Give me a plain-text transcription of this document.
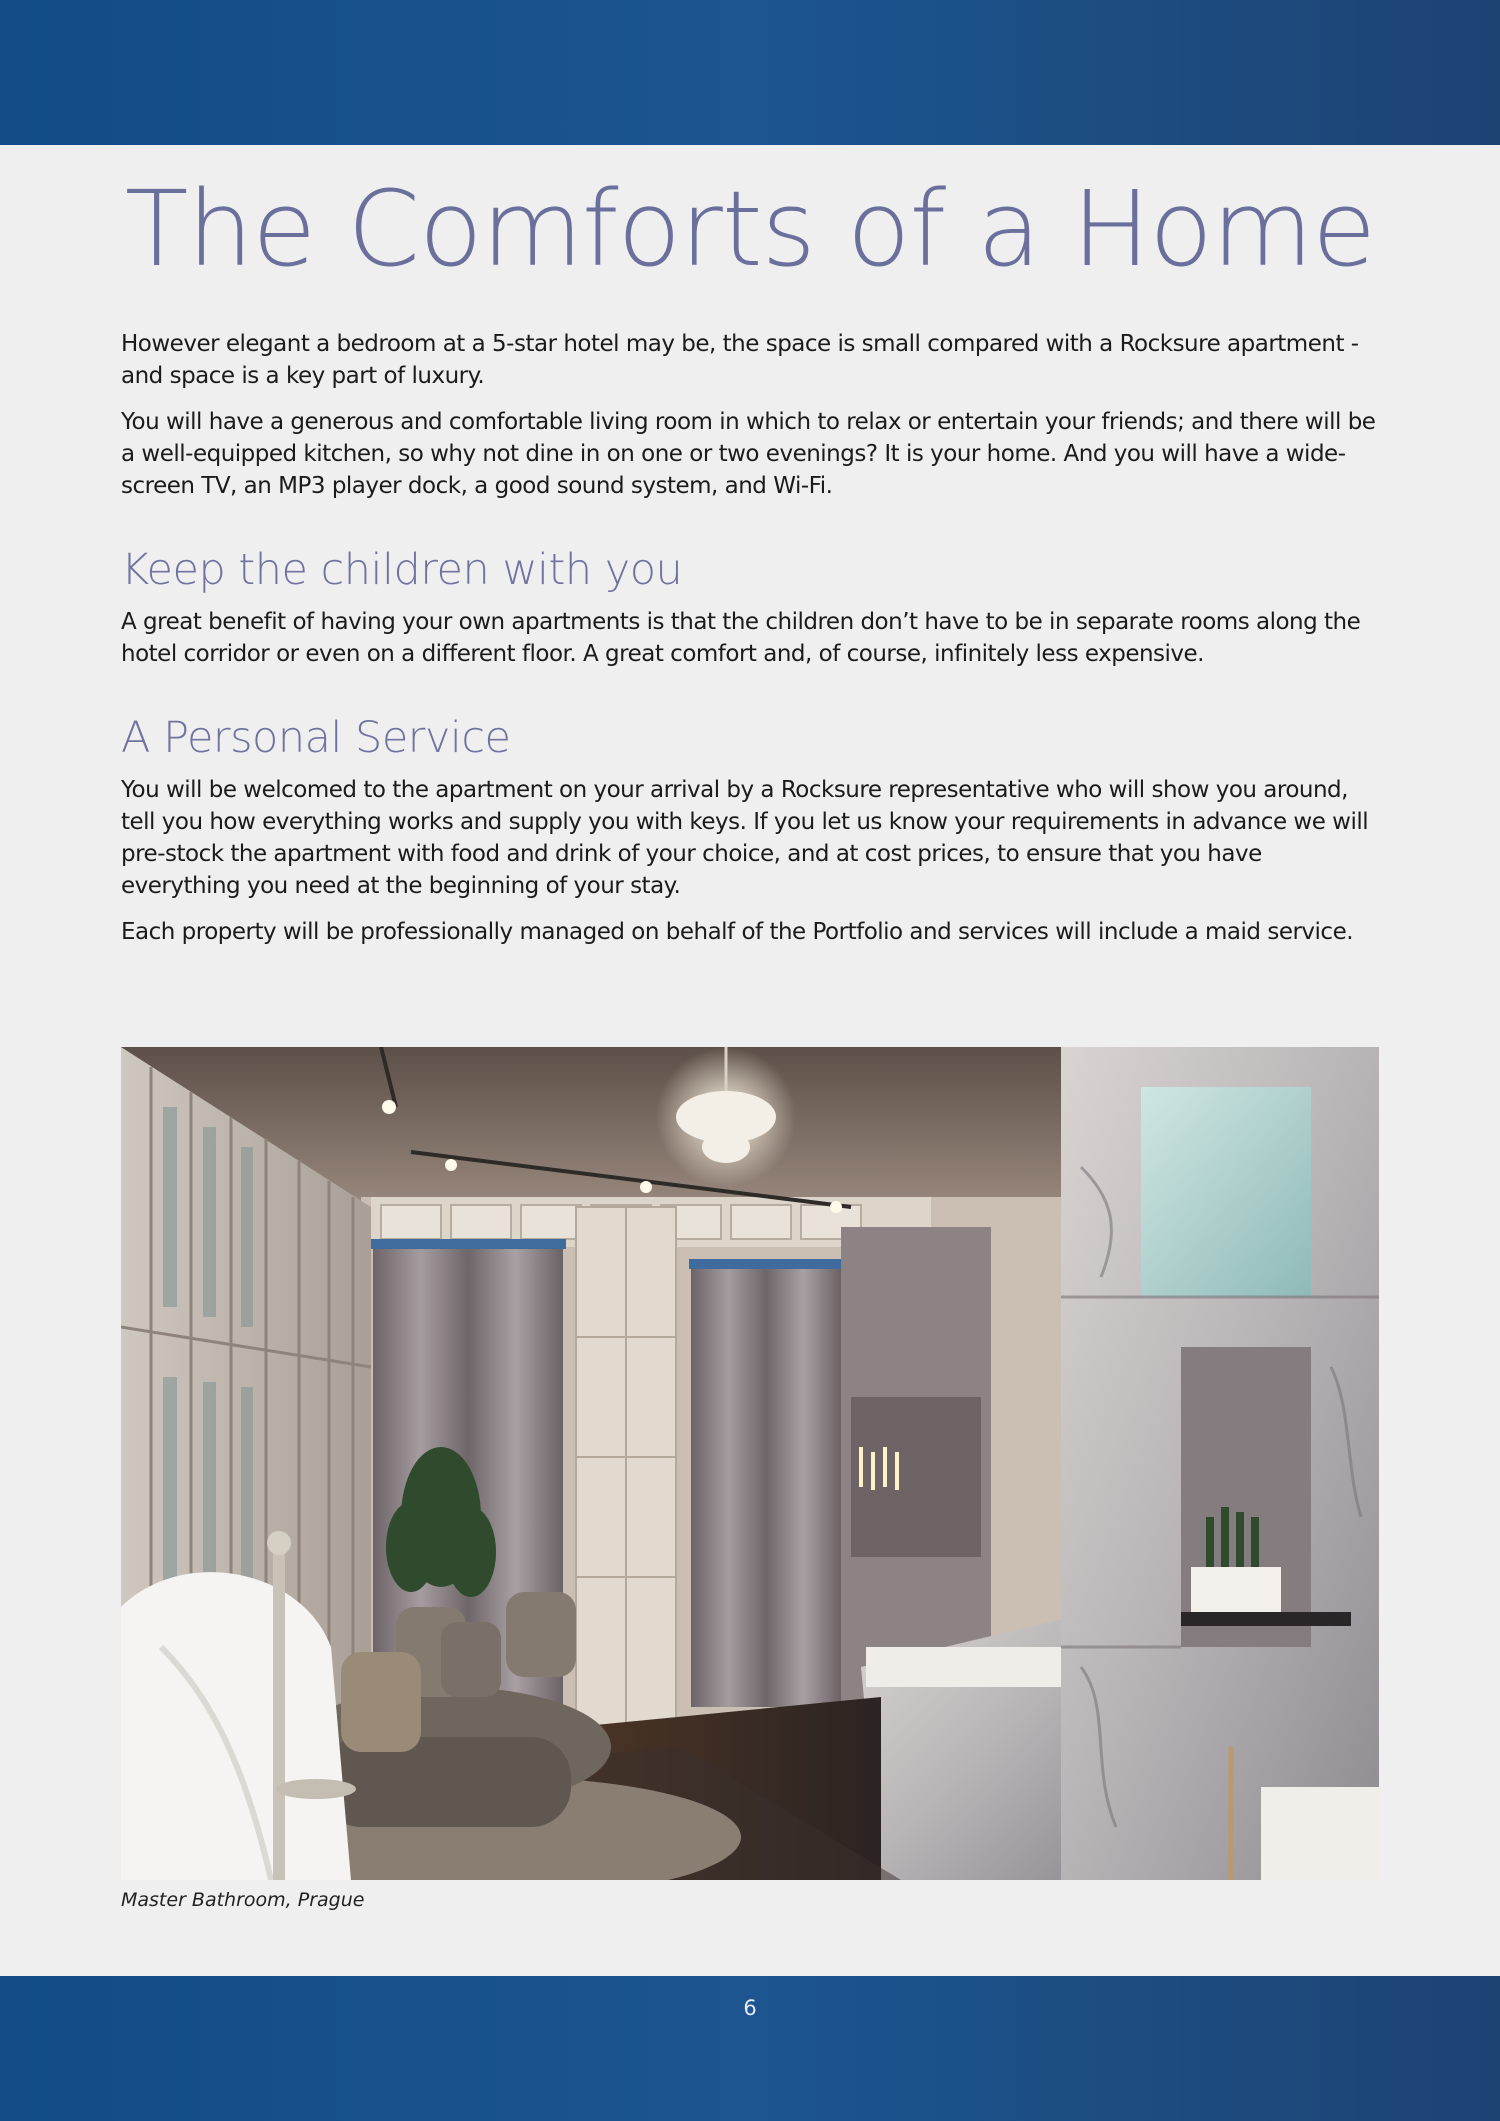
The Comforts of a Home

However elegant a bedroom at a 5-star hotel may be, the space is small compared with a Rocksure apartment - and space is a key part of luxury.

You will have a generous and comfortable living room in which to relax or entertain your friends; and there will be a well-equipped kitchen, so why not dine in on one or two evenings? It is your home. And you will have a wide-screen TV, an MP3 player dock, a good sound system, and Wi-Fi.

Keep the children with you

A great benefit of having your own apartments is that the children don’t have to be in separate rooms along the hotel corridor or even on a different floor. A great comfort and, of course, infinitely less expensive.

A Personal Service

You will be welcomed to the apartment on your arrival by a Rocksure representative who will show you around, tell you how everything works and supply you with keys. If you let us know your requirements in advance we will pre-stock the apartment with food and drink of your choice, and at cost prices, to ensure that you have everything you need at the beginning of your stay.

Each property will be professionally managed on behalf of the Portfolio and services will include a maid service.

Master Bathroom, Prague
6
